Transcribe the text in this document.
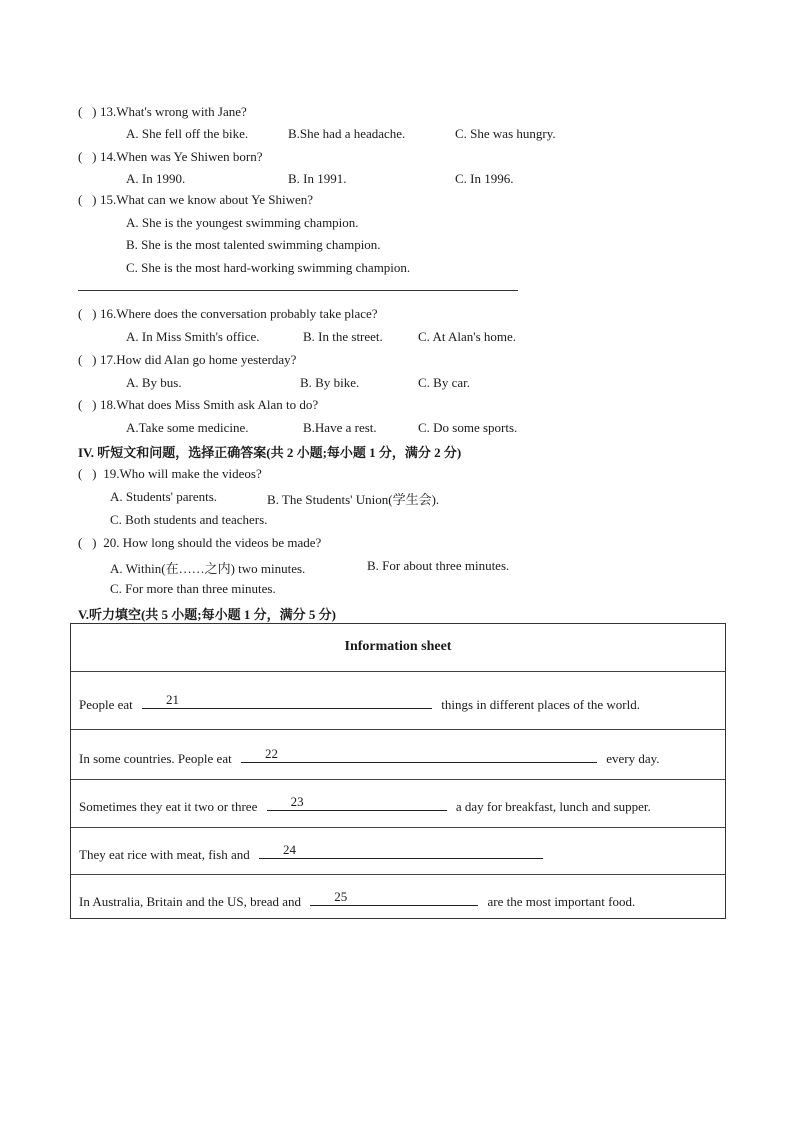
( ) 13.What's wrong with Jane?
A. She fell off the bike.	B.She had a headache.	C. She was hungry.
( ) 14.When was Ye Shiwen born?
A. In 1990.	B. In 1991.	C. In 1996.
( ) 15.What can we know about Ye Shiwen?
A. She is the youngest swimming champion.
B. She is the most talented swimming champion.
C. She is the most hard-working swimming champion.
( ) 16.Where does the conversation probably take place?
A. In Miss Smith's office.	B. In the street.	C. At Alan's home.
( ) 17.How did Alan go home yesterday?
A. By bus.	B. By bike.	C. By car.
( ) 18.What does Miss Smith ask Alan to do?
A.Take some medicine.	B.Have a rest.	C. Do some sports.
IV. 听短文和问题，选择正确答案(共 2 小题;每小题 1 分，满分 2 分)
(   ) 19.Who will make the videos?
A. Students' parents.	B. The Students' Union(学生会).
C. Both students and teachers.
(   ) 20. How long should the videos be made?
A. Within(在……之内) two minutes.	B. For about three minutes.
C. For more than three minutes.
V.听力填空(共 5 小题;每小题 1 分，满分 5 分)
Information sheet
People eat	21	things in different places of the world.
In some countries. People eat	22	every day.
Sometimes they eat it two or three	23	a day for breakfast, lunch and supper.
They eat rice with meat, fish and	24
In Australia, Britain and the US, bread and	25	are the most important food.
